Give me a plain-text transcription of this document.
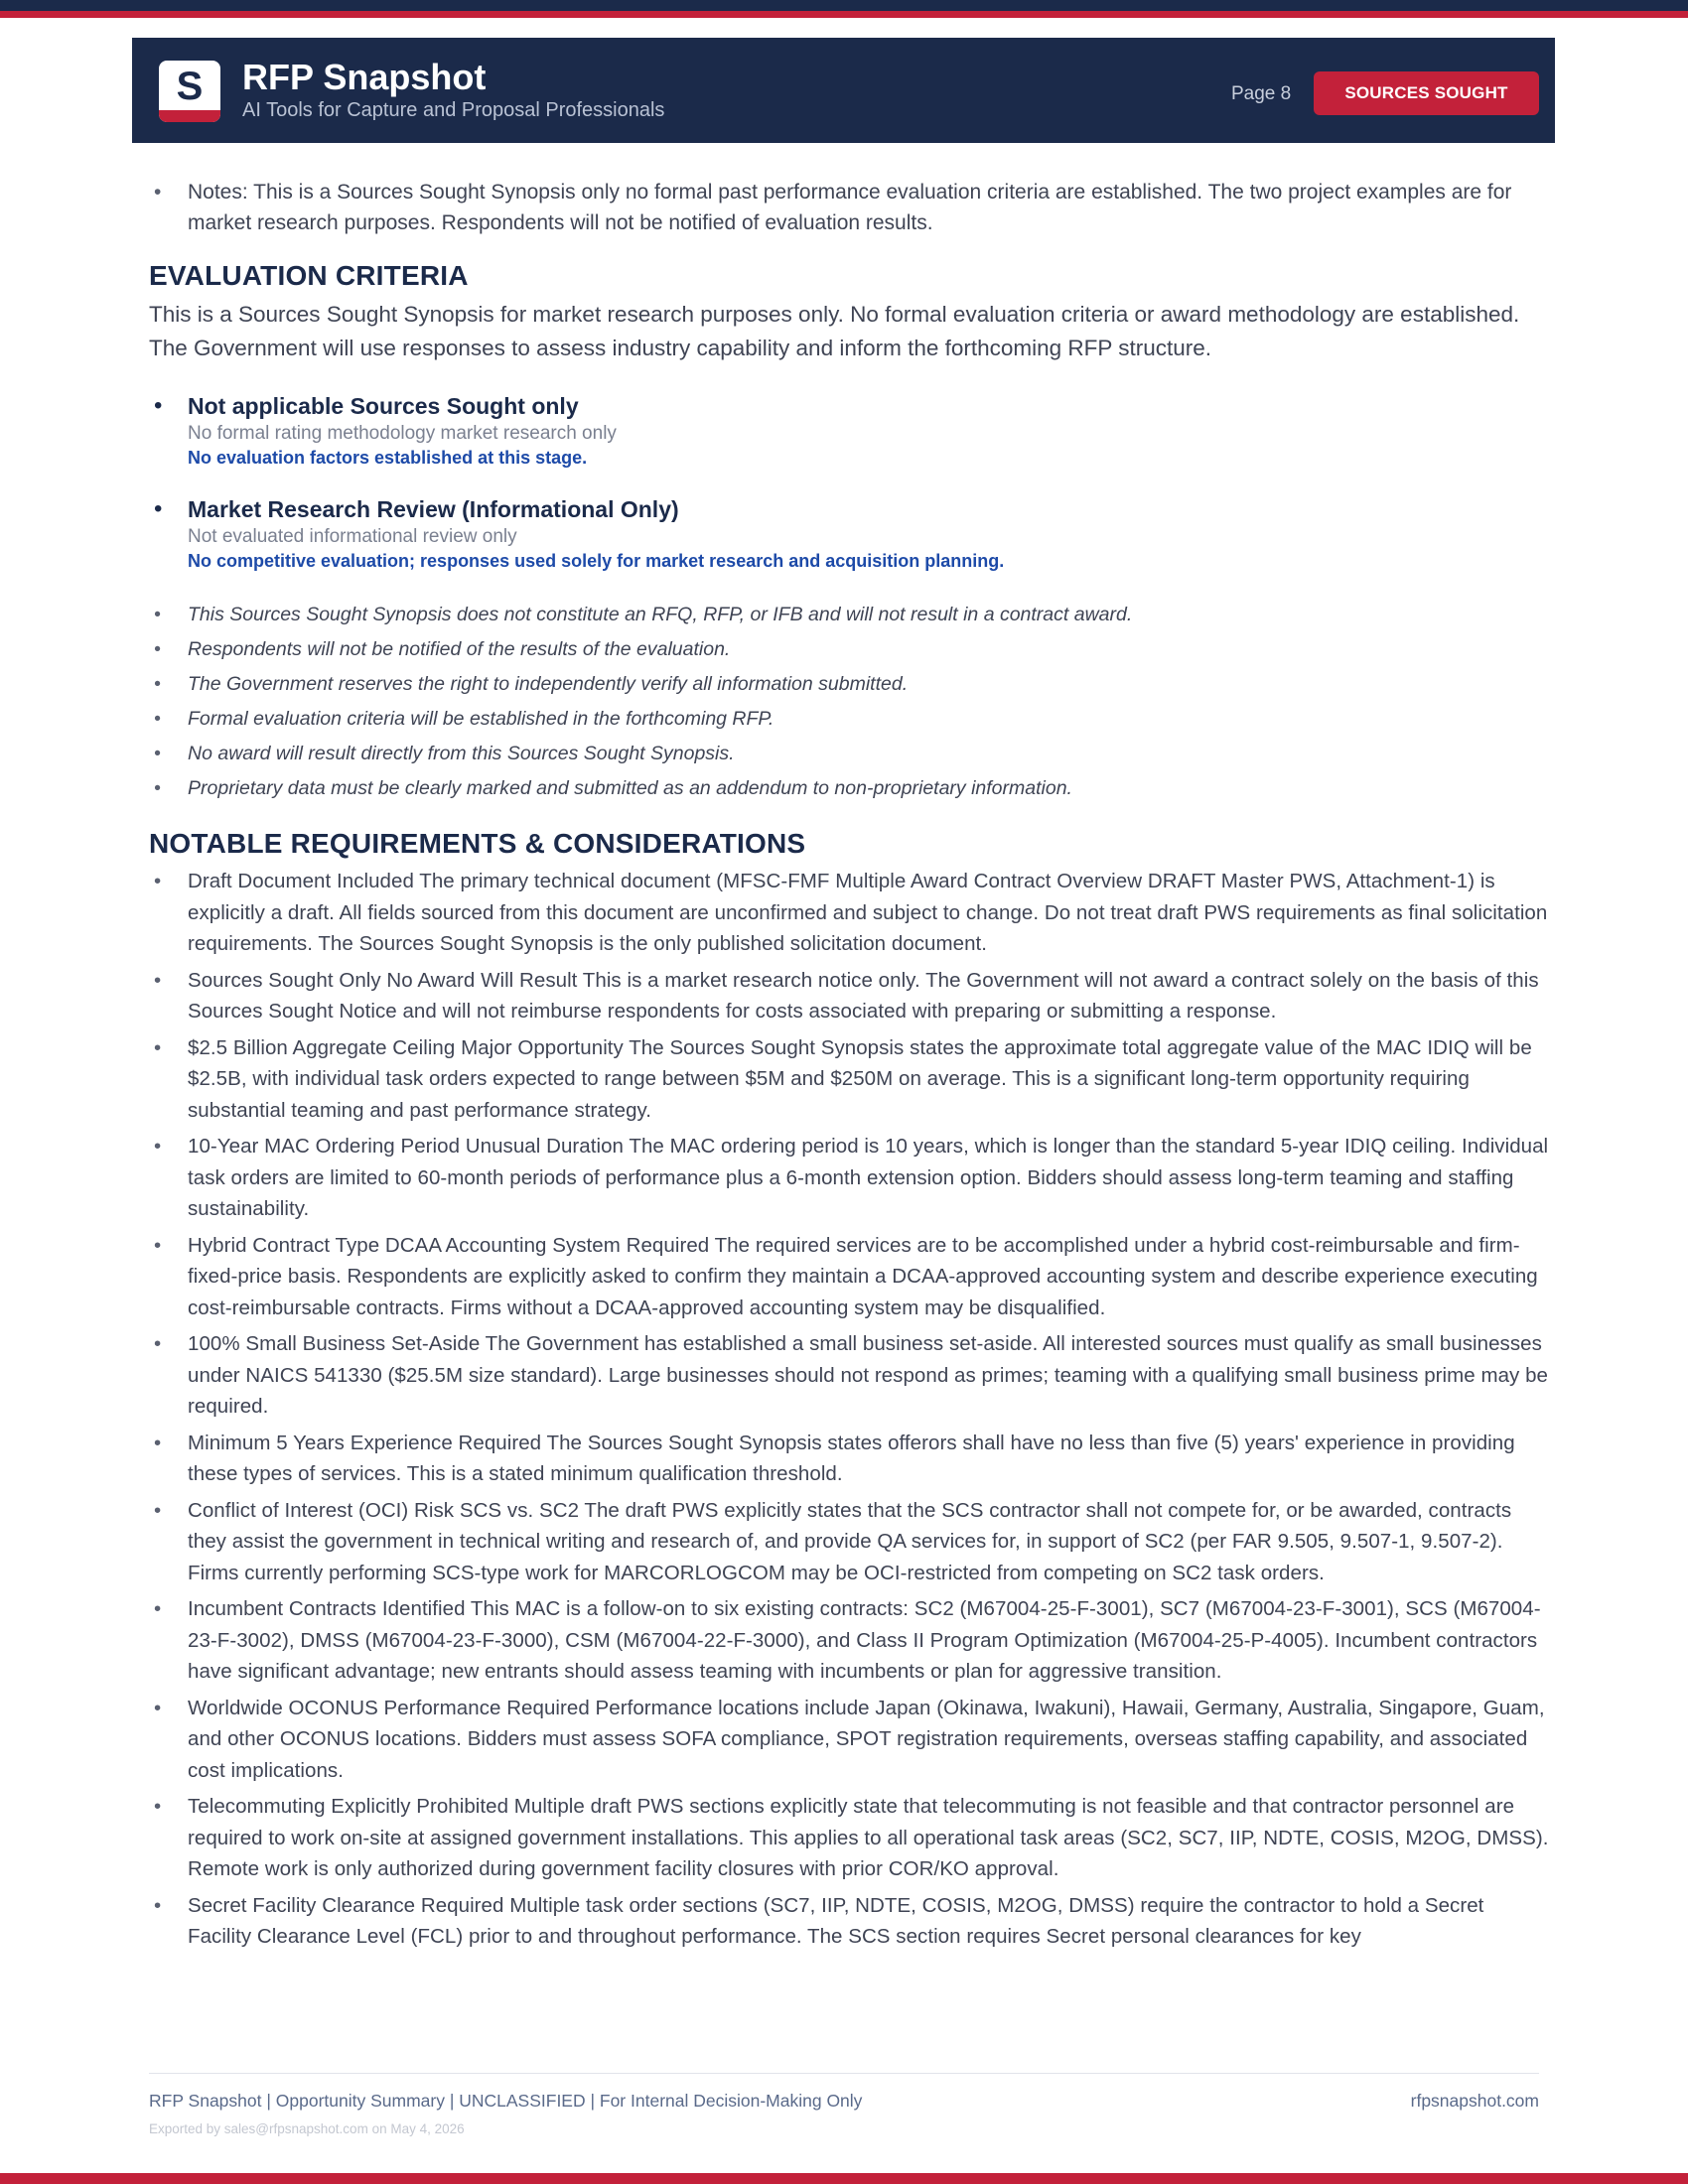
S	RFP Snapshot
AI Tools for Capture and Proposal Professionals
Page 8	SOURCES SOUGHT
• Notes: This is a Sources Sought Synopsis only no formal past performance evaluation criteria are established. The two project examples are for market research purposes. Respondents will not be notified of evaluation results.
EVALUATION CRITERIA

This is a Sources Sought Synopsis for market research purposes only. No formal evaluation criteria or award methodology are established. The Government will use responses to assess industry capability and inform the forthcoming RFP structure.

• Not applicable Sources Sought only
No formal rating methodology market research only
No evaluation factors established at this stage.
• Market Research Review (Informational Only)
Not evaluated informational review only
No competitive evaluation; responses used solely for market research and acquisition planning.
• This Sources Sought Synopsis does not constitute an RFQ, RFP, or IFB and will not result in a contract award.
• Respondents will not be notified of the results of the evaluation.
• The Government reserves the right to independently verify all information submitted.
• Formal evaluation criteria will be established in the forthcoming RFP.
• No award will result directly from this Sources Sought Synopsis.
• Proprietary data must be clearly marked and submitted as an addendum to non-proprietary information.
NOTABLE REQUIREMENTS & CONSIDERATIONS
• Draft Document Included The primary technical document (MFSC-FMF Multiple Award Contract Overview DRAFT Master PWS, Attachment-1) is explicitly a draft. All fields sourced from this document are unconfirmed and subject to change. Do not treat draft PWS requirements as final solicitation requirements. The Sources Sought Synopsis is the only published solicitation document.
• Sources Sought Only No Award Will Result This is a market research notice only. The Government will not award a contract solely on the basis of this Sources Sought Notice and will not reimburse respondents for costs associated with preparing or submitting a response.
• $2.5 Billion Aggregate Ceiling Major Opportunity The Sources Sought Synopsis states the approximate total aggregate value of the MAC IDIQ will be $2.5B, with individual task orders expected to range between $5M and $250M on average. This is a significant long-term opportunity requiring substantial teaming and past performance strategy.
• 10-Year MAC Ordering Period Unusual Duration The MAC ordering period is 10 years, which is longer than the standard 5-year IDIQ ceiling. Individual task orders are limited to 60-month periods of performance plus a 6-month extension option. Bidders should assess long-term teaming and staffing sustainability.
• Hybrid Contract Type DCAA Accounting System Required The required services are to be accomplished under a hybrid cost-reimbursable and firm-fixed-price basis. Respondents are explicitly asked to confirm they maintain a DCAA-approved accounting system and describe experience executing cost-reimbursable contracts. Firms without a DCAA-approved accounting system may be disqualified.
• 100% Small Business Set-Aside The Government has established a small business set-aside. All interested sources must qualify as small businesses under NAICS 541330 ($25.5M size standard). Large businesses should not respond as primes; teaming with a qualifying small business prime may be required.
• Minimum 5 Years Experience Required The Sources Sought Synopsis states offerors shall have no less than five (5) years' experience in providing these types of services. This is a stated minimum qualification threshold.
• Conflict of Interest (OCI) Risk SCS vs. SC2 The draft PWS explicitly states that the SCS contractor shall not compete for, or be awarded, contracts they assist the government in technical writing and research of, and provide QA services for, in support of SC2 (per FAR 9.505, 9.507-1, 9.507-2). Firms currently performing SCS-type work for MARCORLOGCOM may be OCI-restricted from competing on SC2 task orders.
• Incumbent Contracts Identified This MAC is a follow-on to six existing contracts: SC2 (M67004-25-F-3001), SC7 (M67004-23-F-3001), SCS (M67004-23-F-3002), DMSS (M67004-23-F-3000), CSM (M67004-22-F-3000), and Class II Program Optimization (M67004-25-P-4005). Incumbent contractors have significant advantage; new entrants should assess teaming with incumbents or plan for aggressive transition.
• Worldwide OCONUS Performance Required Performance locations include Japan (Okinawa, Iwakuni), Hawaii, Germany, Australia, Singapore, Guam, and other OCONUS locations. Bidders must assess SOFA compliance, SPOT registration requirements, overseas staffing capability, and associated cost implications.
• Telecommuting Explicitly Prohibited Multiple draft PWS sections explicitly state that telecommuting is not feasible and that contractor personnel are required to work on-site at assigned government installations. This applies to all operational task areas (SC2, SC7, IIP, NDTE, COSIS, M2OG, DMSS). Remote work is only authorized during government facility closures with prior COR/KO approval.
• Secret Facility Clearance Required Multiple task order sections (SC7, IIP, NDTE, COSIS, M2OG, DMSS) require the contractor to hold a Secret Facility Clearance Level (FCL) prior to and throughout performance. The SCS section requires Secret personal clearances for key
RFP Snapshot | Opportunity Summary | UNCLASSIFIED | For Internal Decision-Making Only	rfpsnapshot.com
Exported by sales@rfpsnapshot.com on May 4, 2026
